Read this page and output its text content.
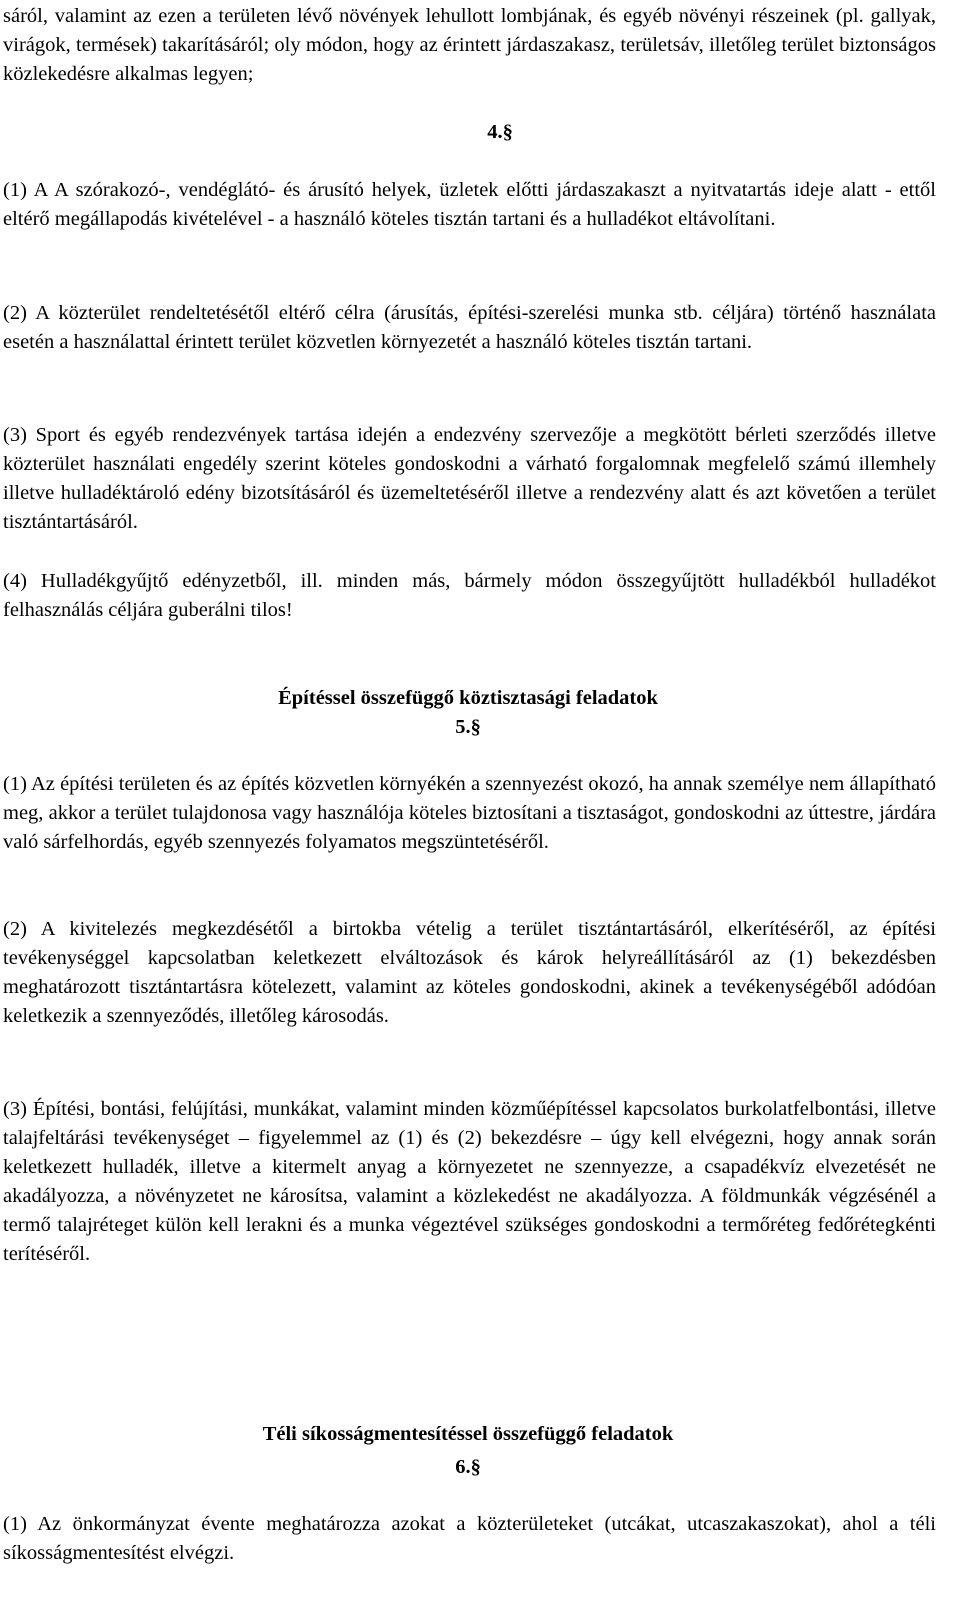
sáról, valamint az ezen a területen lévő növények lehullott lombjának, és egyéb növényi részeinek (pl. gallyak, virágok, termések) takarításáról; oly módon, hogy az érintett járdaszakasz, területsáv, illetőleg terület biztonságos közlekedésre alkalmas legyen;

4.§

(1) A A szórakozó-, vendéglátó- és árusító helyek, üzletek előtti járdaszakaszt a nyitvatartás ideje alatt - ettől eltérő megállapodás kivételével - a használó köteles tisztán tartani és a hulladékot eltávolítani.

(2) A közterület rendeltetésétől eltérő célra (árusítás, építési-szerelési munka stb. céljára) történő használata esetén a használattal érintett terület közvetlen környezetét a használó köteles tisztán tartani.

(3) Sport és egyéb rendezvények tartása idején a endezvény szervezője a megkötött bérleti szerződés illetve közterület használati engedély szerint köteles gondoskodni a várható forgalomnak megfelelő számú illemhely illetve hulladéktároló edény bizotsításáról és üzemeltetéséről illetve a rendezvény alatt és azt követően a terület tisztántartásáról.

(4) Hulladékgyűjtő edényzetből, ill. minden más, bármely módon összegyűjtött hulladékból hulladékot felhasználás céljára guberálni tilos!

Építéssel összefüggő köztisztasági feladatok
5.§

(1) Az építési területen és az építés közvetlen környékén a szennyezést okozó, ha annak személye nem állapítható meg, akkor a terület tulajdonosa vagy használója köteles biztosítani a tisztaságot, gondoskodni az úttestre, járdára való sárfelhordás, egyéb szennyezés folyamatos megszüntetéséről.

(2) A kivitelezés megkezdésétől a birtokba vételig a terület tisztántartásáról, elkerítéséről, az építési tevékenységgel kapcsolatban keletkezett elváltozások és károk helyreállításáról az (1) bekezdésben meghatározott tisztántartásra kötelezett, valamint az köteles gondoskodni, akinek a tevékenységéből adódóan keletkezik a szennyeződés, illetőleg károsodás.

(3) Építési, bontási, felújítási, munkákat, valamint minden közműépítéssel kapcsolatos burkolatfelbontási, illetve talajfeltárási tevékenységet – figyelemmel az (1) és (2) bekezdésre – úgy kell elvégezni, hogy annak során keletkezett hulladék, illetve a kitermelt anyag a környezetet ne szennyezze, a csapadékvíz elvezetését ne akadályozza, a növényzetet ne károsítsa, valamint a közlekedést ne akadályozza. A földmunkák végzésénél a termő talajréteget külön kell lerakni és a munka végeztével szükséges gondoskodni a termőréteg fedőrétegkénti terítéséről.

Téli síkosságmentesítéssel összefüggő feladatok
6.§

(1) Az önkormányzat évente meghatározza azokat a közterületeket (utcákat, utcaszakaszokat), ahol a téli síkosságmentesítést elvégzi.
